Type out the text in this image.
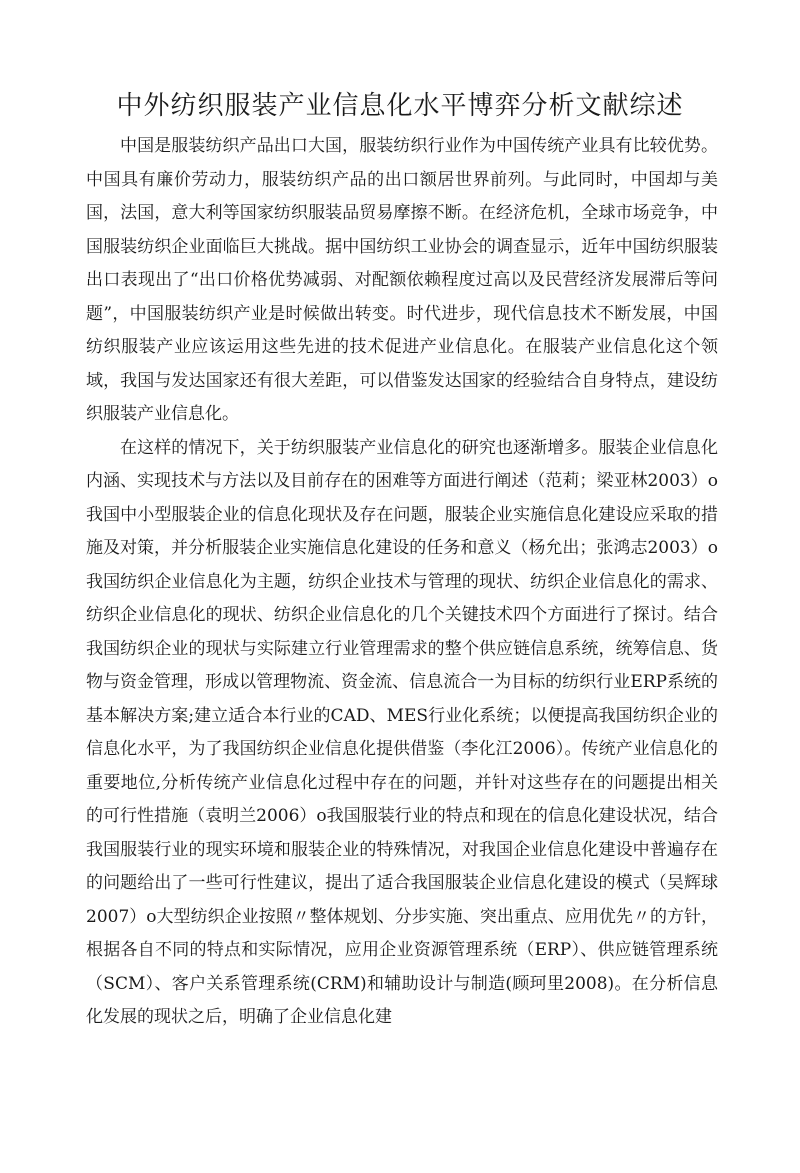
中外纺织服装产业信息化水平博弈分析文献综述

中国是服装纺织产品出口大国，服装纺织行业作为中国传统产业具有比较优势。中国具有廉价劳动力，服装纺织产品的出口额居世界前列。与此同时，中国却与美国，法国，意大利等国家纺织服装品贸易摩擦不断。在经济危机，全球市场竞争，中国服装纺织企业面临巨大挑战。据中国纺织工业协会的调查显示，近年中国纺织服装出口表现出了“出口价格优势减弱、对配额依赖程度过高以及民营经济发展滞后等问题”，中国服装纺织产业是时候做出转变。时代进步，现代信息技术不断发展，中国纺织服装产业应该运用这些先进的技术促进产业信息化。在服装产业信息化这个领域，我国与发达国家还有很大差距，可以借鉴发达国家的经验结合自身特点，建设纺织服装产业信息化。

在这样的情况下，关于纺织服装产业信息化的研究也逐渐增多。服装企业信息化内涵、实现技术与方法以及目前存在的困难等方面进行阐述（范莉；梁亚林2003）o我国中小型服装企业的信息化现状及存在问题，服装企业实施信息化建设应采取的措施及对策，并分析服装企业实施信息化建设的任务和意义（杨允出；张鸿志2003）o我国纺织企业信息化为主题，纺织企业技术与管理的现状、纺织企业信息化的需求、纺织企业信息化的现状、纺织企业信息化的几个关键技术四个方面进行了探讨。结合我国纺织企业的现状与实际建立行业管理需求的整个供应链信息系统，统筹信息、货物与资金管理，形成以管理物流、资金流、信息流合一为目标的纺织行业ERP系统的基本解决方案;建立适合本行业的CAD、MES行业化系统；以便提高我国纺织企业的信息化水平，为了我国纺织企业信息化提供借鉴（李化江2006）。传统产业信息化的重要地位,分析传统产业信息化过程中存在的问题，并针对这些存在的问题提出相关的可行性措施（袁明兰2006）o我国服装行业的特点和现在的信息化建设状况，结合我国服装行业的现实环境和服装企业的特殊情况，对我国企业信息化建设中普遍存在的问题给出了一些可行性建议，提出了适合我国服装企业信息化建设的模式（吴辉球2007）o大型纺织企业按照〃整体规划、分步实施、突出重点、应用优先〃的方针，根据各自不同的特点和实际情况，应用企业资源管理系统（ERP）、供应链管理系统（SCM）、客户关系管理系统(CRM)和辅助设计与制造(顾珂里2008)。在分析信息化发展的现状之后，明确了企业信息化建
